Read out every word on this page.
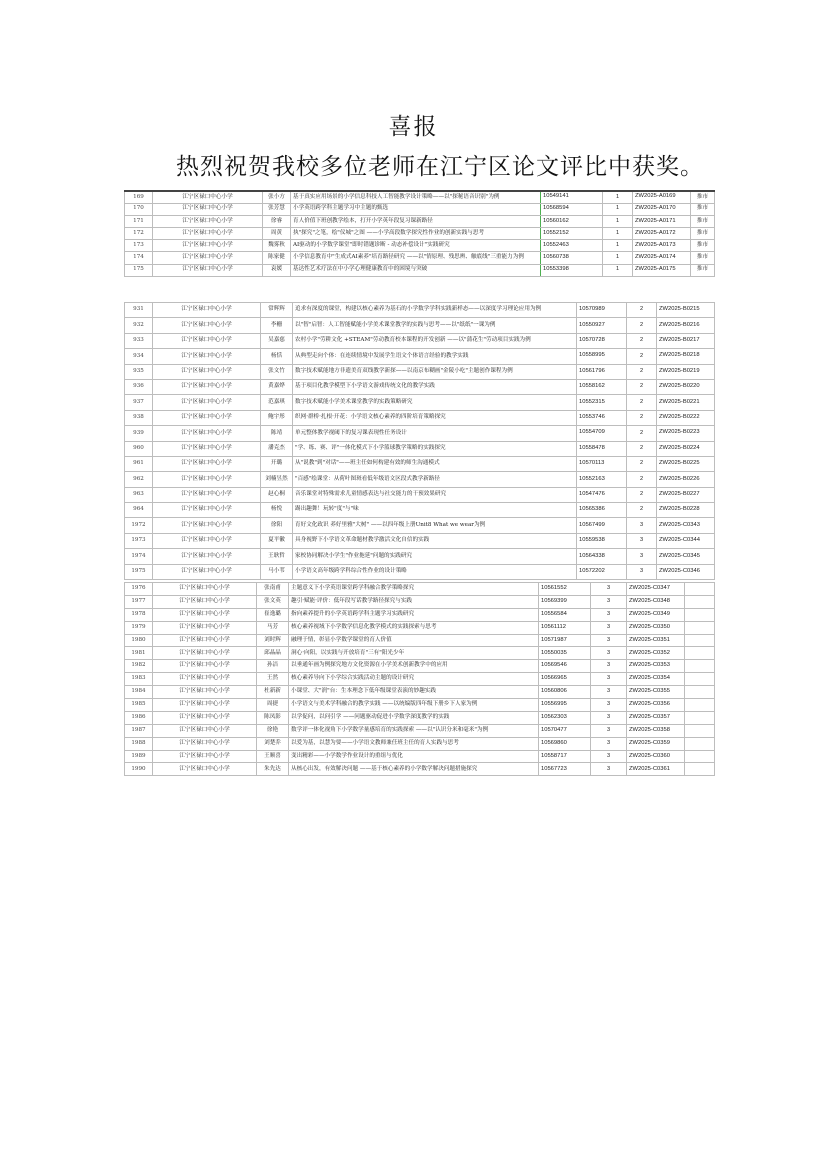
喜报
热烈祝贺我校多位老师在江宁区论文评比中获奖。
169	江宁区禄口中心小学	张小方	基于真实应用场景的小学信息科技人工智能教学设计策略——以"探秘语音识别"为例	10549141	1	ZW2025-A0169	推市
170	江宁区禄口中心小学	张芳慧	小学英语跨学科主题学习中主题的甄选	10568594	1	ZW2025-A0170	推市
171	江宁区禄口中心小学	徐睿	育人价值下班创教学绘本，打开小学英年段复习课新路径	10560162	1	ZW2025-A0171	推市
172	江宁区禄口中心小学	周黄	执"探究"之笔，绘"仪城"之图 ——小学高段数学探究性作业的创新实践与思考	10552152	1	ZW2025-A0172	推市
173	江宁区禄口中心小学	魏雾秋	AI驱动的小学数学课堂"即时错题诊断 - 动态补偿设计"实践研究	10552463	1	ZW2025-A0173	推市
174	江宁区禄口中心小学	陈家健	小学信息教育中"生成式AI素养"培育路径研究 ——以"情原理、残思辨、触底线"三重能力为例	10560738	1	ZW2025-A0174	推市
175	江宁区禄口中心小学	袁媛	基达性艺术疗法在中小学心理健康教育中的困境与突破	10553398	1	ZW2025-A0175	推市
931	江宁区禄口中心小学	常辉辉	追求有深度的课堂，构建以核心素养为基石的小学数学学科实践新样态——以深度学习理论应用为例	10570989	2	ZW2025-B0215
932	江宁区禄口中心小学	李栅	以"智"启智：人工智能赋能小学美术课堂教学的实践与思考——以"纸纸"一课为例	10550927	2	ZW2025-B0216
933	江宁区禄口中心小学	吴嘉慈	农村小学"劳耕文化 +STEAM"劳动教育校本课程的开发创新 ——以"蒲花生"劳动项目实践为例	10570728	2	ZW2025-B0217
934	江宁区禄口中心小学	杨恬	从典型走向个体：在连续情境中发展学生语文个体语言经验的教学实践	10558995	2	ZW2025-B0218
935	江宁区禄口中心小学	张文竹	数字技术赋能地方非遗美育双线教学新探——以南京布糊画"金陵小吃"主题创作课程为例	10561796	2	ZW2025-B0219
936	江宁区禄口中心小学	黄嘉烨	基于项目化教学模型下小学语文游戏传统文化的教学实践	10558162	2	ZW2025-B0220
937	江宁区禄口中心小学	范嘉琪	数字技术赋能小学美术课堂教学的实践策略研究	10552315	2	ZW2025-B0221
938	江宁区禄口中心小学	鲍宇彤	织网·群桥·扎根·开花：小学语文核心素养的四阶培育策略探究	10553746	2	ZW2025-B0222
939	江宁区禄口中心小学	陈靖	单元整体教学视阈下的复习课表现性任务设计	10554709	2	ZW2025-B0223
960	江宁区禄口中心小学	潘克杰	"学、练、赛、评"一体化模式下小学篮球教学策略的实践探究	10558478	2	ZW2025-B0224
961	江宁区禄口中心小学	开璐	从"说教"到"对话"——班主任如何构建有效的师生沟通模式	10570113	2	ZW2025-B0225
962	江宁区禄口中心小学	刘楠昱然	"百感"绘课堂：从荷叶图斑看低年级语文区段式教学新路径	10552163	2	ZW2025-B0226
963	江宁区禄口中心小学	赵心桐	音乐课堂对特殊需求儿童情感表达与社交能力的干预效果研究	10547476	2	ZW2025-B0227
964	江宁区禄口中心小学	杨悦	踢出趣舞！玩转"度"与"味	10565386	2	ZW2025-B0228
1972	江宁区禄口中心小学	徐阳	育好文化政识 养好里雅"大树" ——以四年级上册Unit8 What we wear为例	10567499	3	ZW2025-C0343
1973	江宁区禄口中心小学	夏平徽	具身视野下小学语文革命题材教学激活文化自信的实践	10559538	3	ZW2025-C0344
1974	江宁区禄口中心小学	王耿哲	家校协同解决小学生"作业拖延"问题的实践研究	10564338	3	ZW2025-C0345
1975	江宁区禄口中心小学	马小苇	小学语文高年级跨学科综合性作业的设计策略	10572202	3	ZW2025-C0346
1976	江宁区禄口中心小学	张南甫	主题意义下小学英语课堂跨学科融合教学策略探究	10561552	3	ZW2025-C0347	
1977	江宁区禄口中心小学	张文英	趣引·赋能·评价：低年段写话教学路径探究与实践	10569399	3	ZW2025-C0348	
1978	江宁区禄口中心小学	崔逸璐	指向素养提升的小学英语跨学科主题学习实践研究	10556584	3	ZW2025-C0349	
1979	江宁区禄口中心小学	马芳	核心素养视域下小学数学信息化教学模式的实践探索与思考	10561112	3	ZW2025-C0350	
1980	江宁区禄口中心小学	刘时辉	融理于情，彰显小学数学课堂的育人价值	10571987	3	ZW2025-C0351	
1981	江宁区禄口中心小学	邱晶晶	洞心·向阳，以实践与开放培育"三有"阳光少年	10550035	3	ZW2025-C0352	
1982	江宁区禄口中心小学	孙洁	以垂通年画为例探究地方文化资源在小学美术创新教学中的应用	10569546	3	ZW2025-C0353	
1983	江宁区禄口中心小学	王然	核心素养导向下小学综合实践活动主题的设计研究	10566965	3	ZW2025-C0354	
1984	江宁区禄口中心小学	杜新新	小课堂、大"润"台：生本理念下低年级课堂表演的妙趣实践	10560806	3	ZW2025-C0355	
1985	江宁区禄口中心小学	周捷	小学语文与美术学科融合的教学实践 ——以统编版四年级下册乡下人家为例	10556995	3	ZW2025-C0356	
1986	江宁区禄口中心小学	陈凤影	以学促问，以问引学 ——问题驱动促进小学数学深度教学的实践	10562303	3	ZW2025-C0357	
1987	江宁区禄口中心小学	徐艳	数学评一体化视角下小学数学量感培育的实践探索 ——以"认识分米和毫米"为例	10570477	3	ZW2025-C0358	
1988	江宁区禄口中心小学	刘楚乔	以爱为基，以慧为要——小学语文教师兼任班主任的育人实践与思考	10569860	3	ZW2025-C0359	
1989	江宁区禄口中心小学	王顺喜	变出精彩——小学数学作业设计的重组与优化	10558717	3	ZW2025-C0360	
1990	江宁区禄口中心小学	朱先达	从核心出发，有效解决问题 ——基于核心素养的小学数学解决问题措施探究	10567723	3	ZW2025-C0361	
